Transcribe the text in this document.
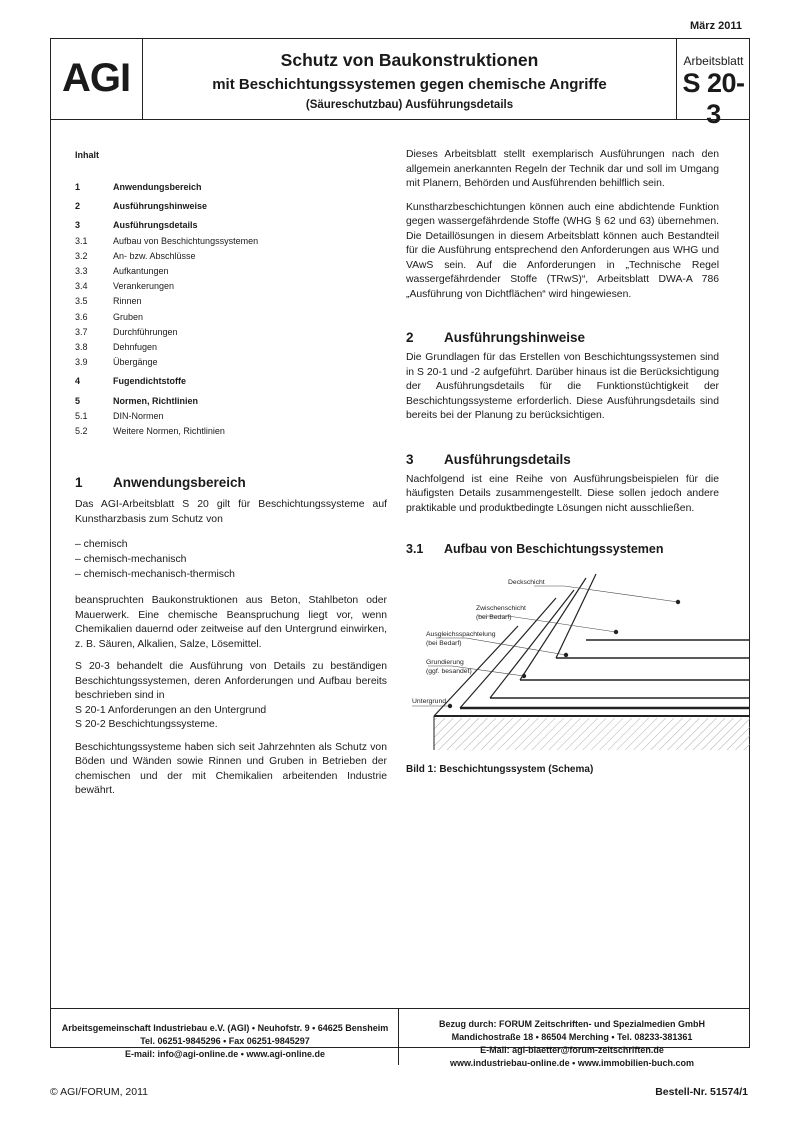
März 2011
AGI	Schutz von Baukonstruktionen
mit Beschichtungssystemen gegen chemische Angriffe
(Säureschutzbau) Ausführungsdetails
Arbeitsblatt
S 20-3
Inhalt
1	Anwendungsbereich
2	Ausführungshinweise
3	Ausführungsdetails
3.1	Aufbau von Beschichtungssystemen
3.2	An- bzw. Abschlüsse
3.3	Aufkantungen
3.4	Verankerungen
3.5	Rinnen
3.6	Gruben
3.7	Durchführungen
3.8	Dehnfugen
3.9	Übergänge
4	Fugendichtstoffe
5	Normen, Richtlinien
5.1	DIN-Normen
5.2	Weitere Normen, Richtlinien
1	Anwendungsbereich

Das AGI-Arbeitsblatt S 20 gilt für Beschichtungssysteme auf Kunstharzbasis zum Schutz von

– chemisch
– chemisch-mechanisch
– chemisch-mechanisch-thermisch

beanspruchten Baukonstruktionen aus Beton, Stahlbeton oder Mauerwerk. Eine chemische Beanspruchung liegt vor, wenn Chemikalien dauernd oder zeitweise auf den Untergrund einwirken, z. B. Säuren, Alkalien, Salze, Lösemittel.

S 20-3 behandelt die Ausführung von Details zu beständigen Beschichtungssystemen, deren Anforderungen und Aufbau bereits beschrieben sind in

S 20-1 Anforderungen an den Untergrund

S 20-2 Beschichtungssysteme.

Beschichtungssysteme haben sich seit Jahrzehnten als Schutz von Böden und Wänden sowie Rinnen und Gruben in Betrieben der chemischen und der mit Chemikalien arbeitenden Industrie bewährt.

Dieses Arbeitsblatt stellt exemplarisch Ausführungen nach den allgemein anerkannten Regeln der Technik dar und soll im Umgang mit Planern, Behörden und Ausführenden behilflich sein.

Kunstharzbeschichtungen können auch eine abdichtende Funktion gegen wassergefährdende Stoffe (WHG § 62 und 63) übernehmen. Die Detaillösungen in diesem Arbeitsblatt können auch Bestandteil für die Ausführung entsprechend den Anforderungen aus WHG und VAwS sein. Auf die Anforderungen in „Technische Regel wassergefährdender Stoffe (TRwS)“, Arbeitsblatt DWA-A 786 „Ausführung von Dichtflächen“ wird hingewiesen.

2	Ausführungshinweise

Die Grundlagen für das Erstellen von Beschichtungssystemen sind in S 20-1 und -2 aufgeführt. Darüber hinaus ist die Berücksichtigung der Ausführungsdetails für die Funktionstüchtigkeit der Beschichtungssysteme erforderlich. Diese Ausführungsdetails sind bereits bei der Planung zu berücksichtigen.

3	Ausführungsdetails

Nachfolgend ist eine Reihe von Ausführungsbeispielen für die häufigsten Details zusammengestellt. Diese sollen jedoch andere praktikable und produktbedingte Lösungen nicht ausschließen.

3.1	Aufbau von Beschichtungssystemen
Deckschicht
Zwischenschicht
(bei Bedarf)
Ausgleichsspachtelung
(bei Bedarf)
Grundierung
(ggf. besandet)
Untergrund
Bild 1: Beschichtungssystem (Schema)
Arbeitsgemeinschaft Industriebau e.V. (AGI) • Neuhofstr. 9 • 64625 Bensheim
Tel. 06251-9845296 • Fax 06251-9845297
E-mail: info@agi-online.de • www.agi-online.de
Bezug durch: FORUM Zeitschriften- und Spezialmedien GmbH
Mandichostraße 18 • 86504 Merching • Tel. 08233-381361
E-Mail: agi-blaetter@forum-zeitschriften.de
www.industriebau-online.de • www.immobilien-buch.com
© AGI/FORUM, 2011	Bestell-Nr. 51574/1
